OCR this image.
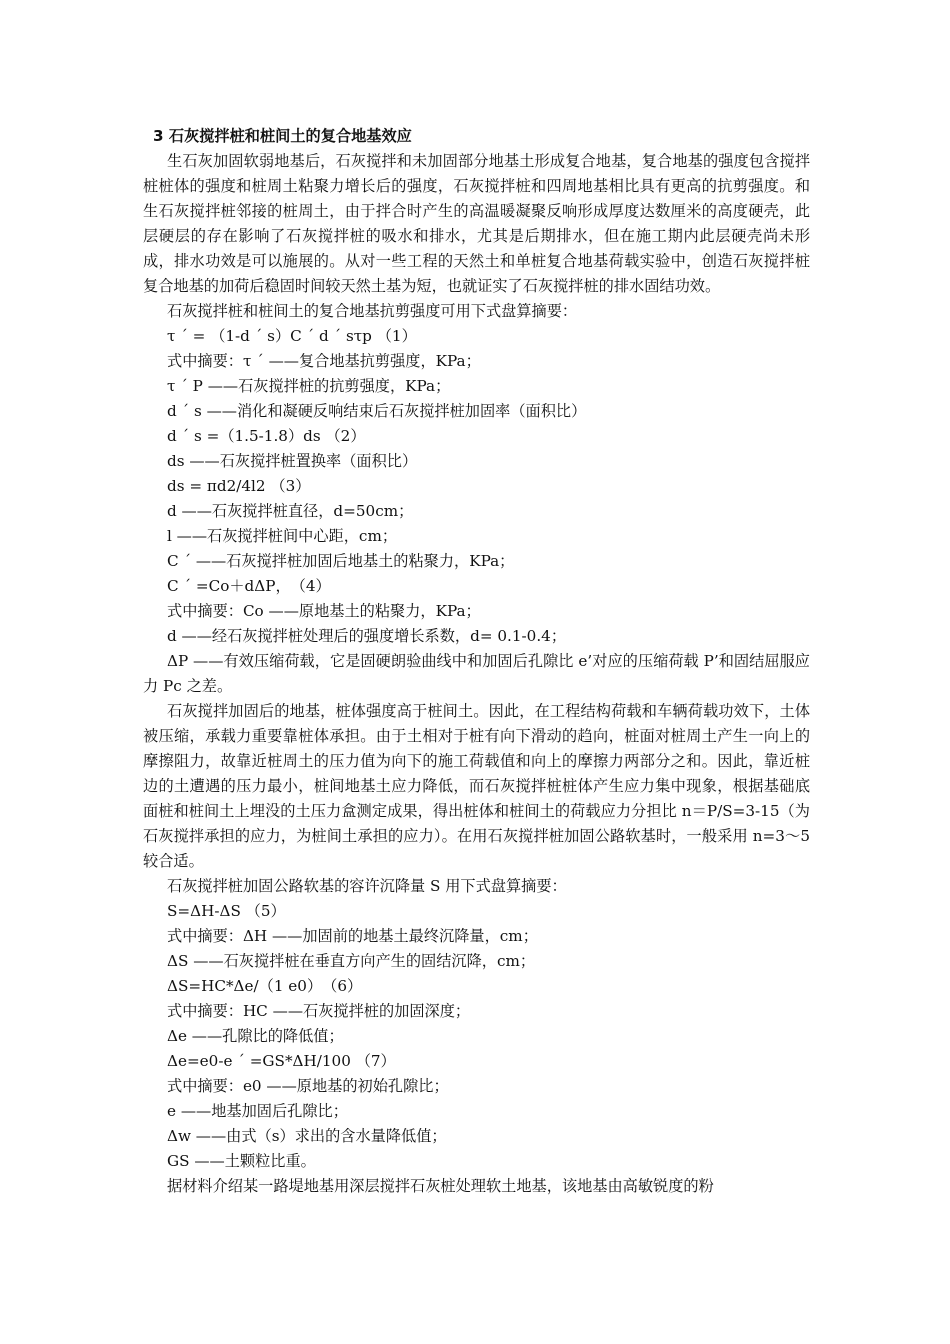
3 石灰搅拌桩和桩间土的复合地基效应

生石灰加固软弱地基后，石灰搅拌和未加固部分地基土形成复合地基，复合地基的强度包含搅拌桩桩体的强度和桩周土粘聚力增长后的强度，石灰搅拌桩和四周地基相比具有更高的抗剪强度。和生石灰搅拌桩邻接的桩周土，由于拌合时产生的高温暖凝聚反响形成厚度达数厘米的高度硬壳，此层硬层的存在影响了石灰搅拌桩的吸水和排水，尤其是后期排水，但在施工期内此层硬壳尚未形成，排水功效是可以施展的。从对一些工程的天然土和单桩复合地基荷载实验中，创造石灰搅拌桩复合地基的加荷后稳固时间较天然土基为短，也就证实了石灰搅拌桩的排水固结功效。

石灰搅拌桩和桩间土的复合地基抗剪强度可用下式盘算摘要：

τ ´ = （1-d ´ s）C ´ d ´ sτp （1）

式中摘要：τ ´ ——复合地基抗剪强度，KPa；

τ ´ P ——石灰搅拌桩的抗剪强度，KPa；

d ´ s ——消化和凝硬反响结束后石灰搅拌桩加固率（面积比）

d ´ s =（1.5-1.8）ds （2）

ds ——石灰搅拌桩置换率（面积比）

ds = πd2/4l2 （3）

d ——石灰搅拌桩直径，d=50cm；

l ——石灰搅拌桩间中心距，cm；

C ´ ——石灰搅拌桩加固后地基土的粘聚力，KPa；

C ´ =Co＋dΔP，　（4）

式中摘要：Co ——原地基土的粘聚力，KPa；

d ——经石灰搅拌桩处理后的强度增长系数，d= 0.1-0.4；

ΔP ——有效压缩荷载，它是固硬朗验曲线中和加固后孔隙比 e’对应的压缩荷载 P’和固结屈服应力 Pc 之差。

石灰搅拌加固后的地基，桩体强度高于桩间土。因此，在工程结构荷载和车辆荷载功效下，土体被压缩，承载力重要靠桩体承担。由于土相对于桩有向下滑动的趋向，桩面对桩周土产生一向上的摩擦阻力，故靠近桩周土的压力值为向下的施工荷载值和向上的摩擦力两部分之和。因此，靠近桩边的土遭遇的压力最小，桩间地基土应力降低，而石灰搅拌桩桩体产生应力集中现象，根据基础底面桩和桩间土上埋没的土压力盒测定成果，得出桩体和桩间土的荷载应力分担比 n＝P/S=3-15（为石灰搅拌承担的应力，为桩间土承担的应力）。在用石灰搅拌桩加固公路软基时，一般采用 n=3～5 较合适。

石灰搅拌桩加固公路软基的容许沉降量 S 用下式盘算摘要：

S=ΔH-ΔS （5）

式中摘要：ΔH ——加固前的地基土最终沉降量，cm；

ΔS ——石灰搅拌桩在垂直方向产生的固结沉降，cm；

ΔS=HC*Δe/（1 e0）　（6）

式中摘要：HC ——石灰搅拌桩的加固深度；

Δe ——孔隙比的降低值；

Δe=e0-e ´ =GS*ΔH/100 （7）

式中摘要：e0 ——原地基的初始孔隙比；

e ——地基加固后孔隙比；

Δw ——由式（s）求出的含水量降低值；

GS ——土颗粒比重。

据材料介绍某一路堤地基用深层搅拌石灰桩处理软土地基，该地基由高敏锐度的粉
